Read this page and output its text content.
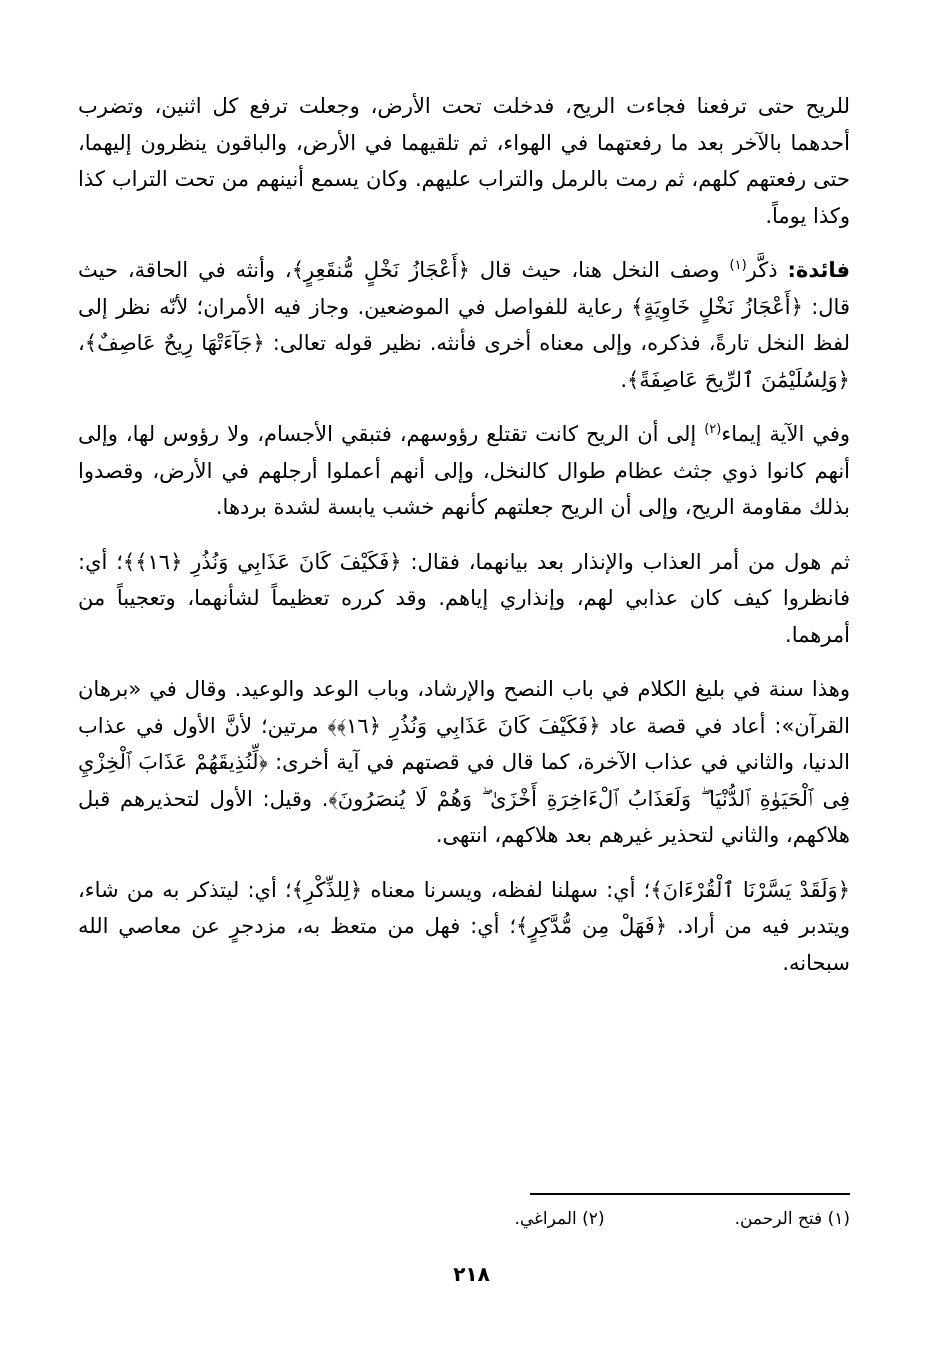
للريح حتى ترفعنا فجاءت الريح، فدخلت تحت الأرض، وجعلت ترفع كل اثنين، وتضرب أحدهما بالآخر بعد ما رفعتهما في الهواء، ثم تلقيهما في الأرض، والباقون ينظرون إليهما، حتى رفعتهم كلهم، ثم رمت بالرمل والتراب عليهم. وكان يسمع أنينهم من تحت التراب كذا وكذا يوماً.

فائدة: ذكَّر$^{(١)}$ وصف النخل هنا، حيث قال ﴿أَعْجَازُ نَخْلٍ مُّنقَعِرٍ﴾، وأنثه في الحاقة، حيث قال: ﴿أَعْجَازُ نَخْلٍ خَاوِيَةٍ﴾ رعاية للفواصل في الموضعين. وجاز فيه الأمران؛ لأنّه نظر إلى لفظ النخل تارةً، فذكره، وإلى معناه أخرى فأنثه. نظير قوله تعالى: ﴿جَآءَتْهَا رِيحٌ عَاصِفٌ﴾، ﴿وَلِسُلَيْمَٰنَ ٱلرِّيحَ عَاصِفَةً﴾.

وفي الآية إيماء$^{(٢)}$ إلى أن الريح كانت تقتلع رؤوسهم، فتبقي الأجسام، ولا رؤوس لها، وإلى أنهم كانوا ذوي جثث عظام طوال كالنخل، وإلى أنهم أعملوا أرجلهم في الأرض، وقصدوا بذلك مقاومة الريح، وإلى أن الريح جعلتهم كأنهم خشب يابسة لشدة بردها.

ثم هول من أمر العذاب والإنذار بعد بيانهما، فقال: ﴿فَكَيْفَ كَانَ عَذَابِي وَنُذُرِ ﴿١٦﴾﴾؛ أي: فانظروا كيف كان عذابي لهم، وإنذاري إياهم. وقد كرره تعظيماً لشأنهما، وتعجيباً من أمرهما.

وهذا سنة في بليغ الكلام في باب النصح والإرشاد، وباب الوعد والوعيد. وقال في «برهان القرآن»: أعاد في قصة عاد ﴿فَكَيْفَ كَانَ عَذَابِي وَنُذُرِ ﴿١٦﴾﴾ مرتين؛ لأنَّ الأول في عذاب الدنيا، والثاني في عذاب الآخرة، كما قال في قصتهم في آية أخرى: ﴿لِّنُذِيقَهُمْ عَذَابَ ٱلْخِزْيِ فِى ٱلْحَيَوٰةِ ٱلدُّنْيَا ۖ وَلَعَذَابُ ٱلْءَاخِرَةِ أَخْزَىٰ ۖ وَهُمْ لَا يُنصَرُونَ﴾. وقيل: الأول لتحذيرهم قبل هلاكهم، والثاني لتحذير غيرهم بعد هلاكهم، انتهى.

﴿وَلَقَدْ يَسَّرْنَا ٱلْقُرْءَانَ﴾؛ أي: سهلنا لفظه، ويسرنا معناه ﴿لِلذِّكْرِ﴾؛ أي: ليتذكر به من شاء، ويتدبر فيه من أراد. ﴿فَهَلْ مِن مُّدَّكِرٍ﴾؛ أي: فهل من متعظ به، مزدجرٍ عن معاصي الله سبحانه.

(١) فتح الرحمن.
(٢) المراغي.
٢١٨
